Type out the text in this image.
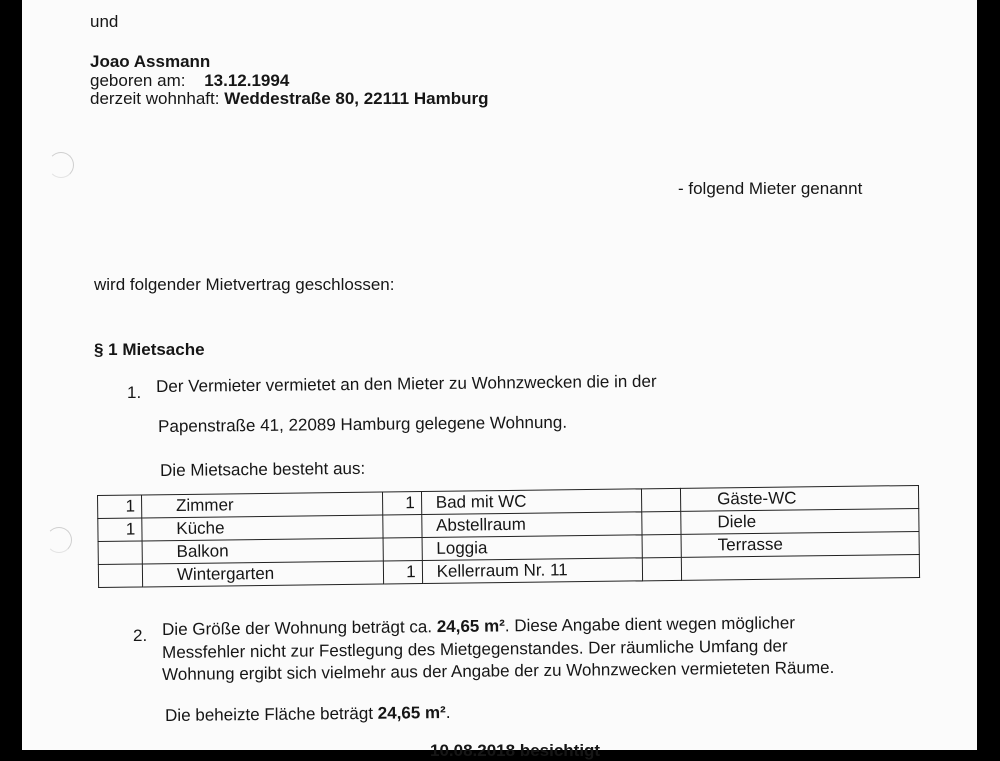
und
Joao Assmann
geboren am: 13.12.1994
derzeit wohnhaft: Weddestraße 80, 22111 Hamburg
- folgend Mieter genannt
wird folgender Mietvertrag geschlossen:
§ 1 Mietsache
1. Der Vermieter vermietet an den Mieter zu Wohnzwecken die in der
Papenstraße 41, 22089 Hamburg gelegene Wohnung.
Die Mietsache besteht aus:
1	Zimmer	1	Bad mit WC		Gäste-WC
1	Küche		Abstellraum		Diele
	Balkon		Loggia		Terrasse
	Wintergarten	1	Kellerraum Nr. 11		
2. Die Größe der Wohnung beträgt ca. 24,65 m². Diese Angabe dient wegen möglicher
Messfehler nicht zur Festlegung des Mietgegenstandes. Der räumliche Umfang der
Wohnung ergibt sich vielmehr aus der Angabe der zu Wohnzwecken vermieteten Räume.
Die beheizte Fläche beträgt 24,65 m².
10.08.2018 besichtigt
